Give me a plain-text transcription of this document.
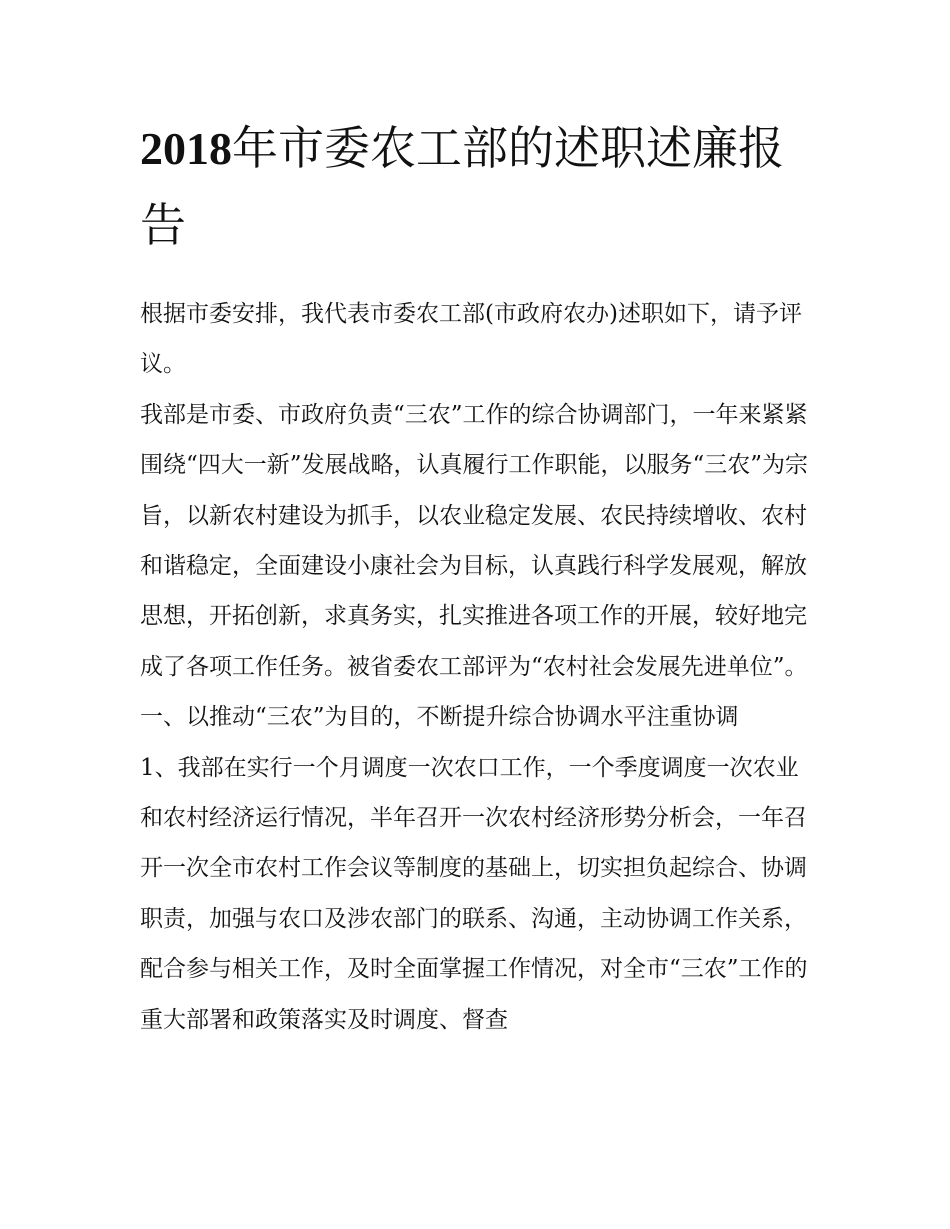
2018年市委农工部的述职述廉报告

根据市委安排，我代表市委农工部(市政府农办)述职如下，请予评议。

我部是市委、市政府负责“三农”工作的综合协调部门，一年来紧紧围绕“四大一新”发展战略，认真履行工作职能，以服务“三农”为宗旨，以新农村建设为抓手，以农业稳定发展、农民持续增收、农村和谐稳定，全面建设小康社会为目标，认真践行科学发展观，解放思想，开拓创新，求真务实，扎实推进各项工作的开展，较好地完成了各项工作任务。被省委农工部评为“农村社会发展先进单位”。

一、以推动“三农”为目的，不断提升综合协调水平注重协调

1、我部在实行一个月调度一次农口工作，一个季度调度一次农业和农村经济运行情况，半年召开一次农村经济形势分析会，一年召开一次全市农村工作会议等制度的基础上，切实担负起综合、协调职责，加强与农口及涉农部门的联系、沟通，主动协调工作关系，配合参与相关工作，及时全面掌握工作情况，对全市“三农”工作的重大部署和政策落实及时调度、督查
